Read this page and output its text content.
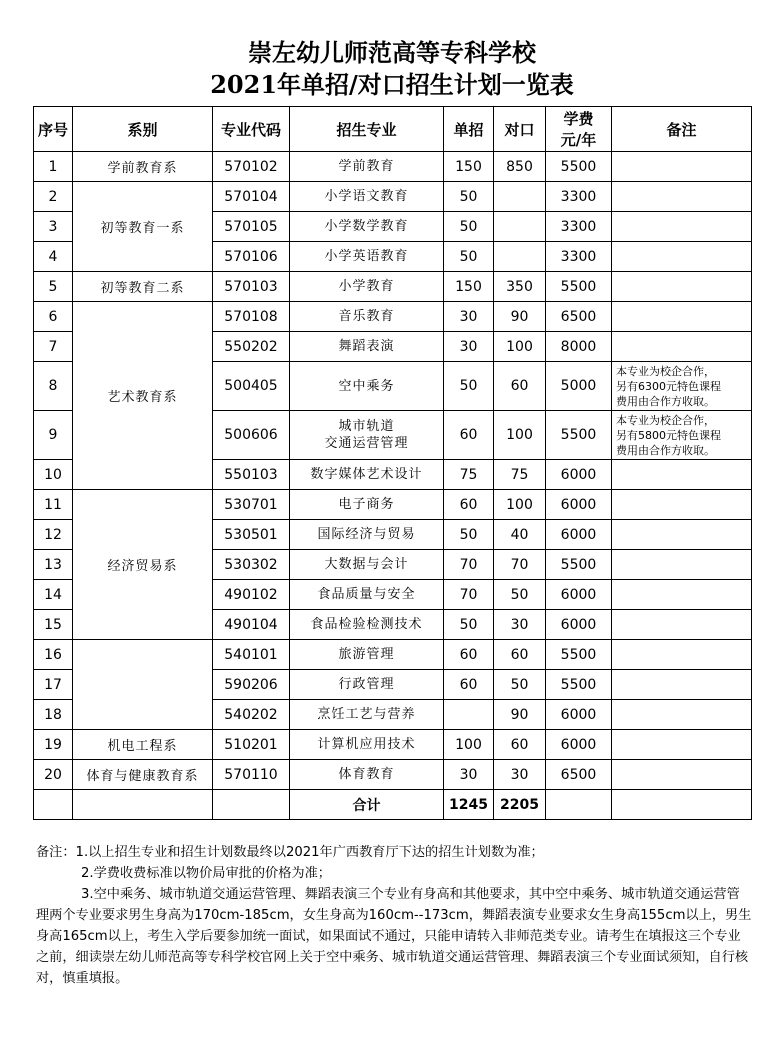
崇左幼儿师范高等专科学校
2021年单招/对口招生计划一览表
序号	系别	专业代码	招生专业	单招	对口	学费
元/年	备注
1	学前教育系	570102	学前教育	150	850	5500	
2	初等教育一系	570104	小学语文教育	50		3300	
3		570105	小学数学教育	50		3300	
4		570106	小学英语教育	50		3300	
5	初等教育二系	570103	小学教育	150	350	5500	
6	艺术教育系	570108	音乐教育	30	90	6500	
7		550202	舞蹈表演	30	100	8000	
8		500405	空中乘务	50	60	5000	本专业为校企合作，
另有6300元特色课程
费用由合作方收取。
9		500606	城市轨道
交通运营管理	60	100	5500	本专业为校企合作，
另有5800元特色课程
费用由合作方收取。
10		550103	数字媒体艺术设计	75	75	6000	
11	经济贸易系	530701	电子商务	60	100	6000	
12		530501	国际经济与贸易	50	40	6000	
13		530302	大数据与会计	70	70	5500	
14		490102	食品质量与安全	70	50	6000	
15		490104	食品检验检测技术	50	30	6000	
16		540101	旅游管理	60	60	5500	
17		590206	行政管理	60	50	5500	
18		540202	烹饪工艺与营养		90	6000	
19	机电工程系	510201	计算机应用技术	100	60	6000	
20	体育与健康教育系	570110	体育教育	30	30	6500	
			合计	1245	2205		

备注：1.以上招生专业和招生计划数最终以2021年广西教育厅下达的招生计划数为准；

2.学费收费标准以物价局审批的价格为准；

3.空中乘务、城市轨道交通运营管理、舞蹈表演三个专业有身高和其他要求，其中空中乘务、城市轨道交通运营管理两个专业要求男生身高为170cm-185cm，女生身高为160cm--173cm，舞蹈表演专业要求女生身高155cm以上，男生身高165cm以上，考生入学后要参加统一面试，如果面试不通过，只能申请转入非师范类专业。请考生在填报这三个专业之前，细读崇左幼儿师范高等专科学校官网上关于空中乘务、城市轨道交通运营管理、舞蹈表演三个专业面试须知，自行核对，慎重填报。
